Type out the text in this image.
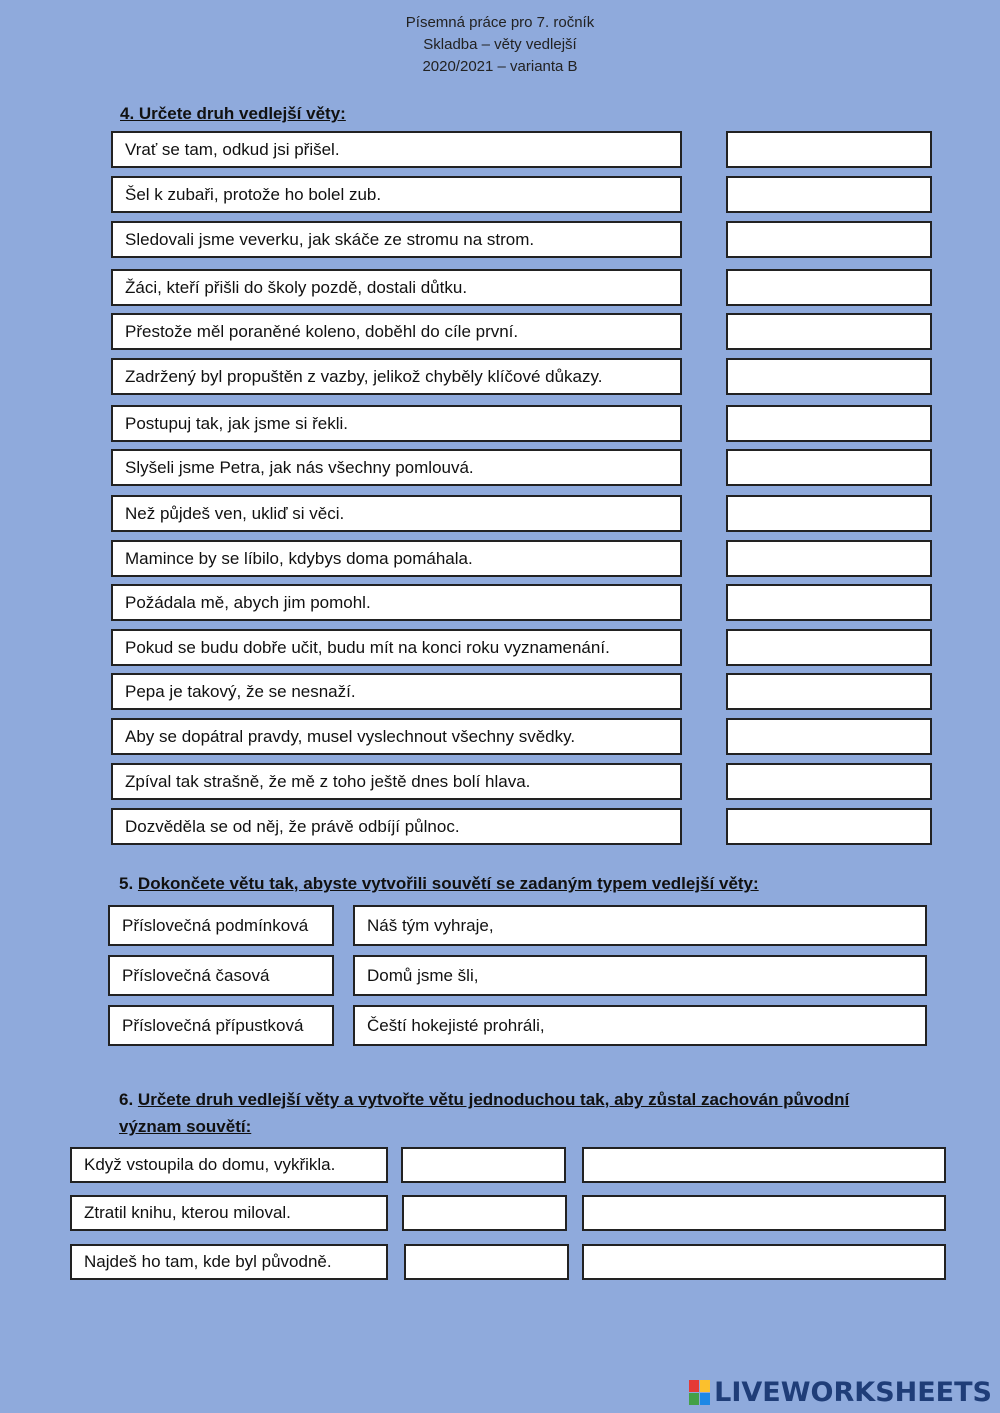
Písemná práce pro 7. ročník
Skladba – věty vedlejší
2020/2021 – varianta B
4. Určete druh vedlejší věty:
Vrať se tam, odkud jsi přišel.
Šel k zubaři, protože ho bolel zub.
Sledovali jsme veverku, jak skáče ze stromu na strom.
Žáci, kteří přišli do školy pozdě, dostali důtku.
Přestože měl poraněné koleno, doběhl do cíle první.
Zadržený byl propuštěn z vazby, jelikož chyběly klíčové důkazy.
Postupuj tak, jak jsme si řekli.
Slyšeli jsme Petra, jak nás všechny pomlouvá.
Než půjdeš ven, ukliď si věci.
Mamince by se líbilo, kdybys doma pomáhala.
Požádala mě, abych jim pomohl.
Pokud se budu dobře učit, budu mít na konci roku vyznamenání.
Pepa je takový, že se nesnaží.
Aby se dopátral pravdy, musel vyslechnout všechny svědky.
Zpíval tak strašně, že mě z toho ještě dnes bolí hlava.
Dozvěděla se od něj, že právě odbíjí půlnoc.
5. Dokončete větu tak, abyste vytvořili souvětí se zadaným typem vedlejší věty:
Příslovečná podmínková	Náš tým vyhraje,
Příslovečná časová	Domů jsme šli,
Příslovečná přípustková	Čeští hokejisté prohráli,
6. Určete druh vedlejší věty a vytvořte větu jednoduchou tak, aby zůstal zachován původní
význam souvětí:
Když vstoupila do domu, vykřikla.
Ztratil knihu, kterou miloval.
Najdeš ho tam, kde byl původně.
LIVEWORKSHEETS
